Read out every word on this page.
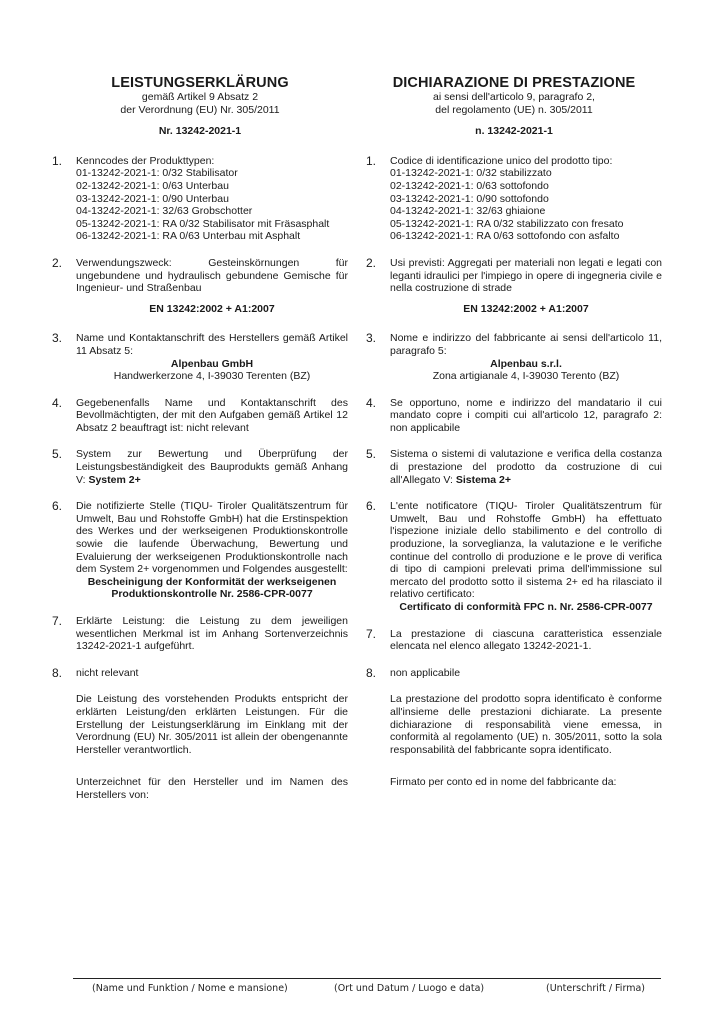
LEISTUNGSERKLÄRUNG
gemäß Artikel 9 Absatz 2
der Verordnung (EU) Nr. 305/2011
Nr. 13242-2021-1
1.	Kenncodes der Produkttypen:
01-13242-2021-1: 0/32 Stabilisator
02-13242-2021-1: 0/63 Unterbau
03-13242-2021-1: 0/90 Unterbau
04-13242-2021-1: 32/63 Grobschotter
05-13242-2021-1: RA 0/32 Stabilisator mit Fräsasphalt
06-13242-2021-1: RA 0/63 Unterbau mit Asphalt
2.	Verwendungszweck: Gesteinskörnungen für ungebundene und hydraulisch gebundene Gemische für Ingenieur- und Straßenbau
EN 13242:2002 + A1:2007
3.	Name und Kontaktanschrift des Herstellers gemäß Artikel 11 Absatz 5:
Alpenbau GmbH
Handwerkerzone 4, I-39030 Terenten (BZ)
4.	Gegebenenfalls Name und Kontaktanschrift des Bevollmächtigten, der mit den Aufgaben gemäß Artikel 12 Absatz 2 beauftragt ist: nicht relevant
5.	System zur Bewertung und Überprüfung der Leistungsbeständigkeit des Bauprodukts gemäß Anhang V: System 2+
6.	Die notifizierte Stelle (TIQU- Tiroler Qualitätszentrum für Umwelt, Bau und Rohstoffe GmbH) hat die Erstinspektion des Werkes und der werkseigenen Produktionskontrolle sowie die laufende Überwachung, Bewertung und Evaluierung der werkseigenen Produktionskontrolle nach dem System 2+ vorgenommen und Folgendes ausgestellt:
Bescheinigung der Konformität der werkseigenen Produktionskontrolle Nr. 2586-CPR-0077
7.	Erklärte Leistung: die Leistung zu dem jeweiligen wesentlichen Merkmal ist im Anhang Sortenverzeichnis 13242-2021-1 aufgeführt.
8.	nicht relevant
Die Leistung des vorstehenden Produkts entspricht der erklärten Leistung/den erklärten Leistungen. Für die Erstellung der Leistungserklärung im Einklang mit der Verordnung (EU) Nr. 305/2011 ist allein der obengenannte Hersteller verantwortlich.
Unterzeichnet für den Hersteller und im Namen des Herstellers von:
DICHIARAZIONE DI PRESTAZIONE
ai sensi dell'articolo 9, paragrafo 2,
del regolamento (UE) n. 305/2011
n. 13242-2021-1
1.	Codice di identificazione unico del prodotto tipo:
01-13242-2021-1: 0/32 stabilizzato
02-13242-2021-1: 0/63 sottofondo
03-13242-2021-1: 0/90 sottofondo
04-13242-2021-1: 32/63 ghiaione
05-13242-2021-1: RA 0/32 stabilizzato con fresato
06-13242-2021-1: RA 0/63 sottofondo con asfalto
2.	Usi previsti: Aggregati per materiali non legati e legati con leganti idraulici per l'impiego in opere di ingegneria civile e nella costruzione di strade
EN 13242:2002 + A1:2007
3.	Nome e indirizzo del fabbricante ai sensi dell'articolo 11, paragrafo 5:
Alpenbau s.r.l.
Zona artigianale 4, I-39030 Terento (BZ)
4.	Se opportuno, nome e indirizzo del mandatario il cui mandato copre i compiti cui all'articolo 12, paragrafo 2: non applicabile
5.	Sistema o sistemi di valutazione e verifica della costanza di prestazione del prodotto da costruzione di cui all'Allegato V: Sistema 2+
6.	L'ente notificatore (TIQU- Tiroler Qualitätszentrum für Umwelt, Bau und Rohstoffe GmbH) ha effettuato l'ispezione iniziale dello stabilimento e del controllo di produzione, la sorveglianza, la valutazione e le verifiche continue del controllo di produzione e le prove di verifica di tipo di campioni prelevati prima dell'immissione sul mercato del prodotto sotto il sistema 2+ ed ha rilasciato il relativo certificato:
Certificato di conformità FPC n. Nr. 2586-CPR-0077
7.	La prestazione di ciascuna caratteristica essenziale elencata nel elenco allegato 13242-2021-1.
8.	non applicabile
La prestazione del prodotto sopra identificato è conforme all'insieme delle prestazioni dichiarate. La presente dichiarazione di responsabilità viene emessa, in conformità al regolamento (UE) n. 305/2011, sotto la sola responsabilità del fabbricante sopra identificato.
Firmato per conto ed in nome del fabbricante da:
(Name und Funktion / Nome e mansione)	(Ort und Datum / Luogo e data)	(Unterschrift / Firma)
